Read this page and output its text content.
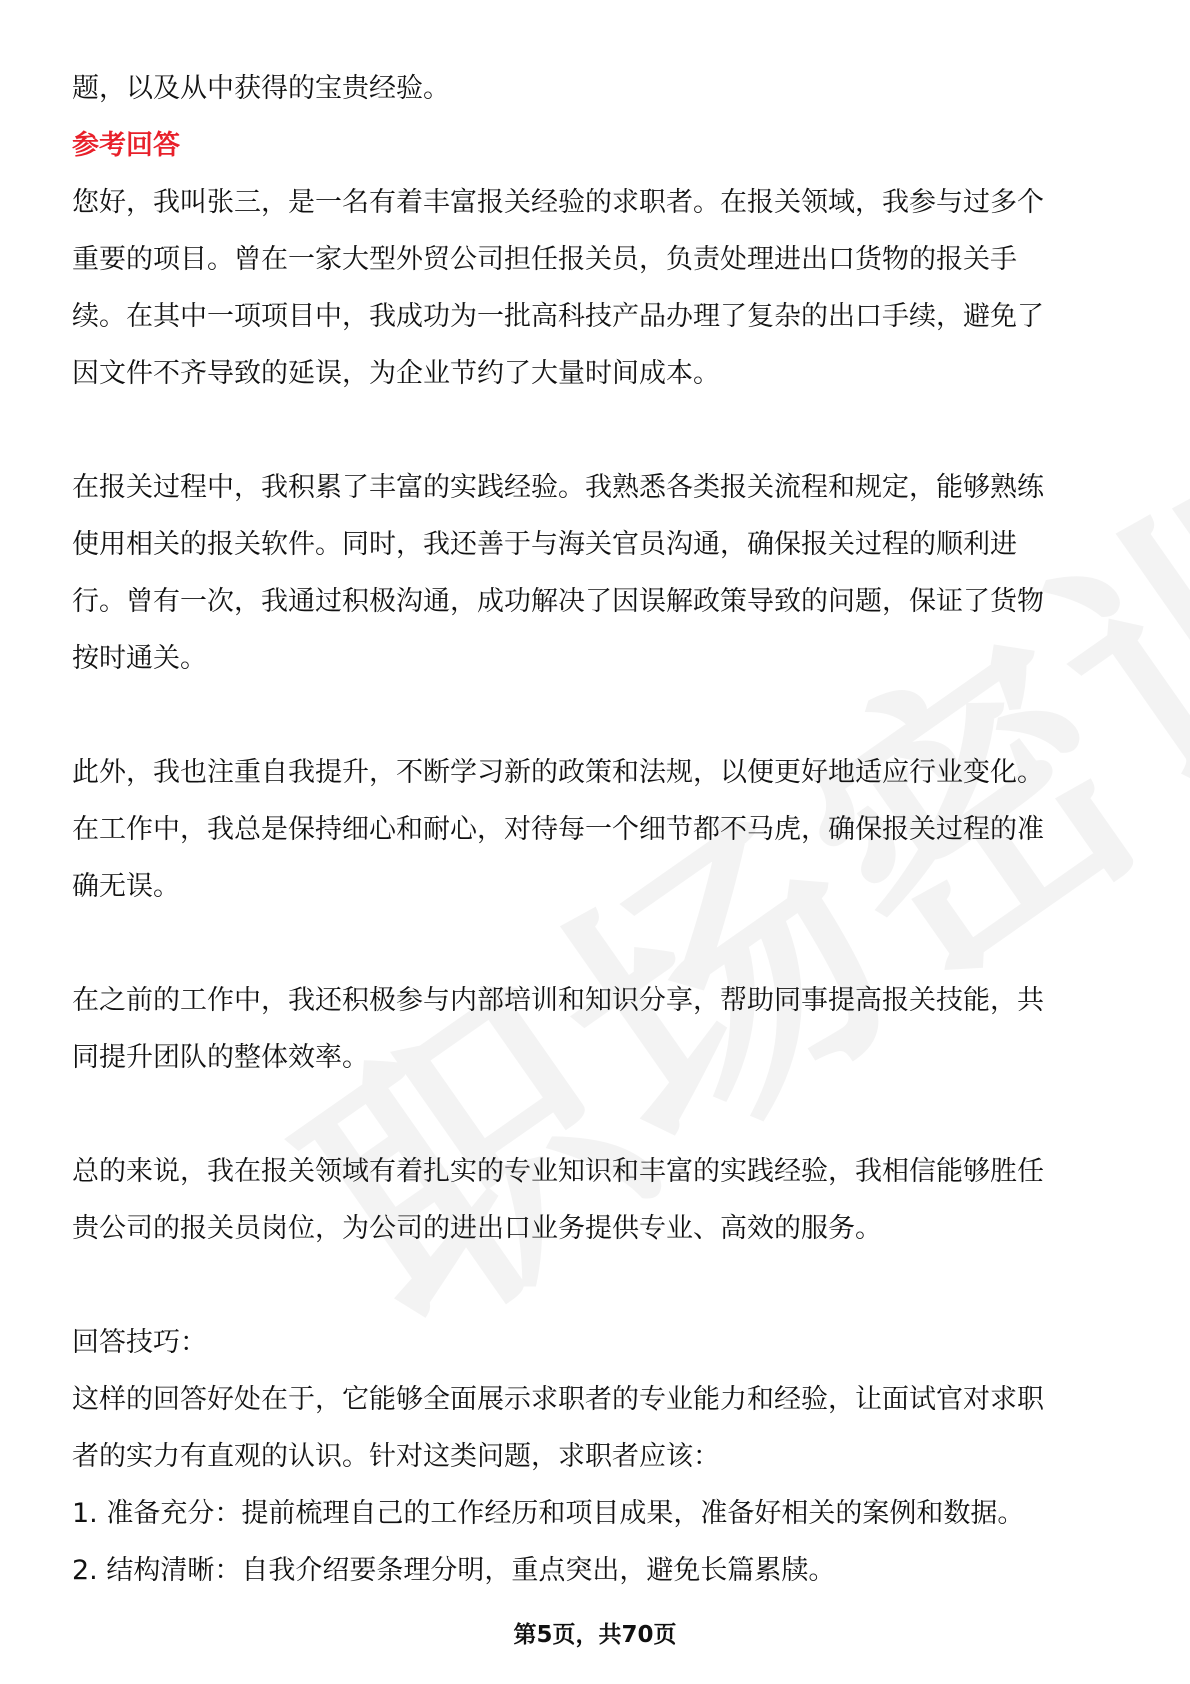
题，以及从中获得的宝贵经验。

参考回答

您好，我叫张三，是一名有着丰富报关经验的求职者。在报关领域，我参与过多个

重要的项目。曾在一家大型外贸公司担任报关员，负责处理进出口货物的报关手

续。在其中一项项目中，我成功为一批高科技产品办理了复杂的出口手续，避免了

因文件不齐导致的延误，为企业节约了大量时间成本。

在报关过程中，我积累了丰富的实践经验。我熟悉各类报关流程和规定，能够熟练

使用相关的报关软件。同时，我还善于与海关官员沟通，确保报关过程的顺利进

行。曾有一次，我通过积极沟通，成功解决了因误解政策导致的问题，保证了货物

按时通关。

此外，我也注重自我提升，不断学习新的政策和法规，以便更好地适应行业变化。

在工作中，我总是保持细心和耐心，对待每一个细节都不马虎，确保报关过程的准

确无误。

在之前的工作中，我还积极参与内部培训和知识分享，帮助同事提高报关技能，共

同提升团队的整体效率。

总的来说，我在报关领域有着扎实的专业知识和丰富的实践经验，我相信能够胜任

贵公司的报关员岗位，为公司的进出口业务提供专业、高效的服务。

回答技巧：

这样的回答好处在于，它能够全面展示求职者的专业能力和经验，让面试官对求职

者的实力有直观的认识。针对这类问题，求职者应该：

1. 准备充分：提前梳理自己的工作经历和项目成果，准备好相关的案例和数据。

2. 结构清晰：自我介绍要条理分明，重点突出，避免长篇累牍。

第5页，共70页
